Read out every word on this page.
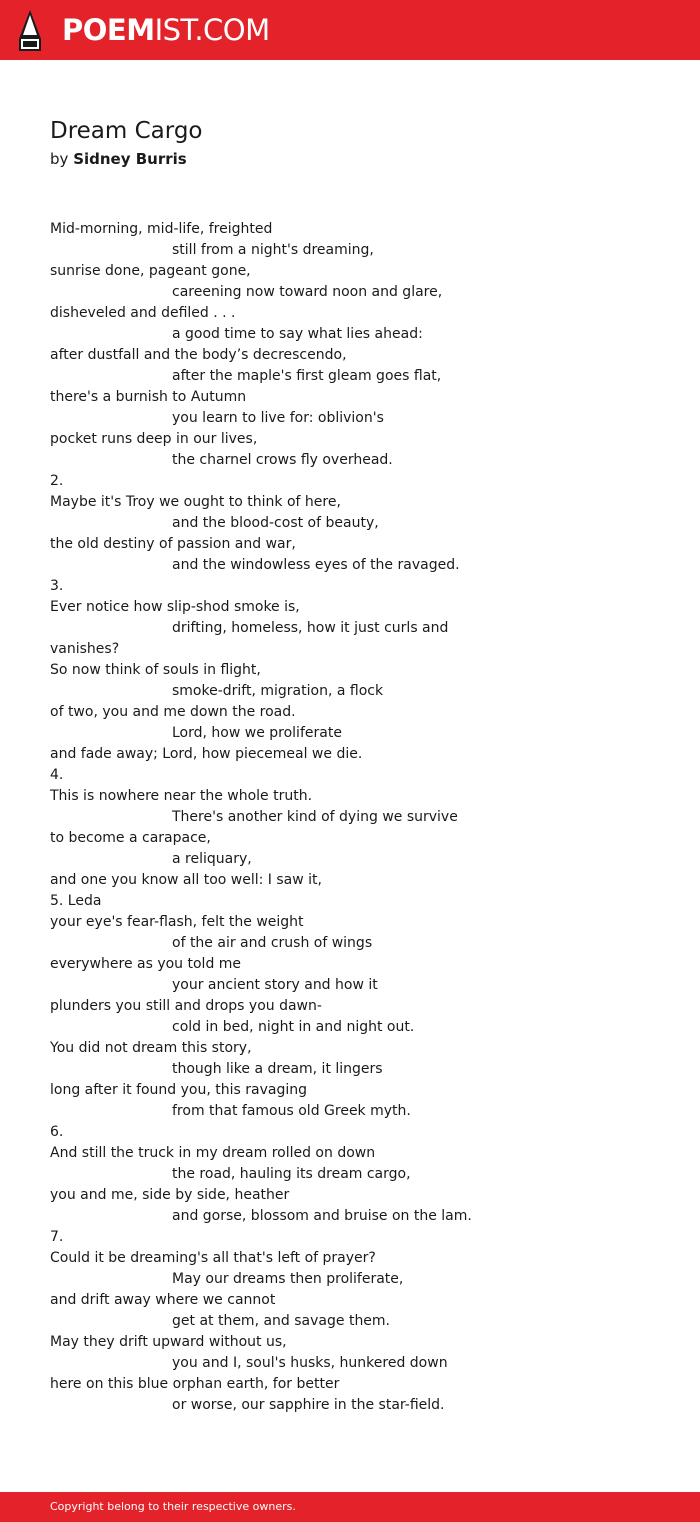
POEMIST.COM
Dream Cargo
by Sidney Burris
Mid-morning, mid-life, freighted
still from a night's dreaming,
sunrise done, pageant gone,
careening now toward noon and glare,
disheveled and defiled . . .
a good time to say what lies ahead:
after dustfall and the body’s decrescendo,
after the maple's first gleam goes flat,
there's a burnish to Autumn
you learn to live for: oblivion's
pocket runs deep in our lives,
the charnel crows fly overhead.
2.
Maybe it's Troy we ought to think of here,
and the blood-cost of beauty,
the old destiny of passion and war,
and the windowless eyes of the ravaged.
3.
Ever notice how slip-shod smoke is,
drifting, homeless, how it just curls and
vanishes?
So now think of souls in flight,
smoke-drift, migration, a flock
of two, you and me down the road.
Lord, how we proliferate
and fade away; Lord, how piecemeal we die.
4.
This is nowhere near the whole truth.
There's another kind of dying we survive
to become a carapace,
a reliquary,
and one you know all too well: I saw it,
5. Leda
your eye's fear-flash, felt the weight
of the air and crush of wings
everywhere as you told me
your ancient story and how it
plunders you still and drops you dawn-
cold in bed, night in and night out.
You did not dream this story,
though like a dream, it lingers
long after it found you, this ravaging
from that famous old Greek myth.
6.
And still the truck in my dream rolled on down
the road, hauling its dream cargo,
you and me, side by side, heather
and gorse, blossom and bruise on the lam.
7.
Could it be dreaming's all that's left of prayer?
May our dreams then proliferate,
and drift away where we cannot
get at them, and savage them.
May they drift upward without us,
you and I, soul's husks, hunkered down
here on this blue orphan earth, for better
or worse, our sapphire in the star-field.
Copyright belong to their respective owners.
